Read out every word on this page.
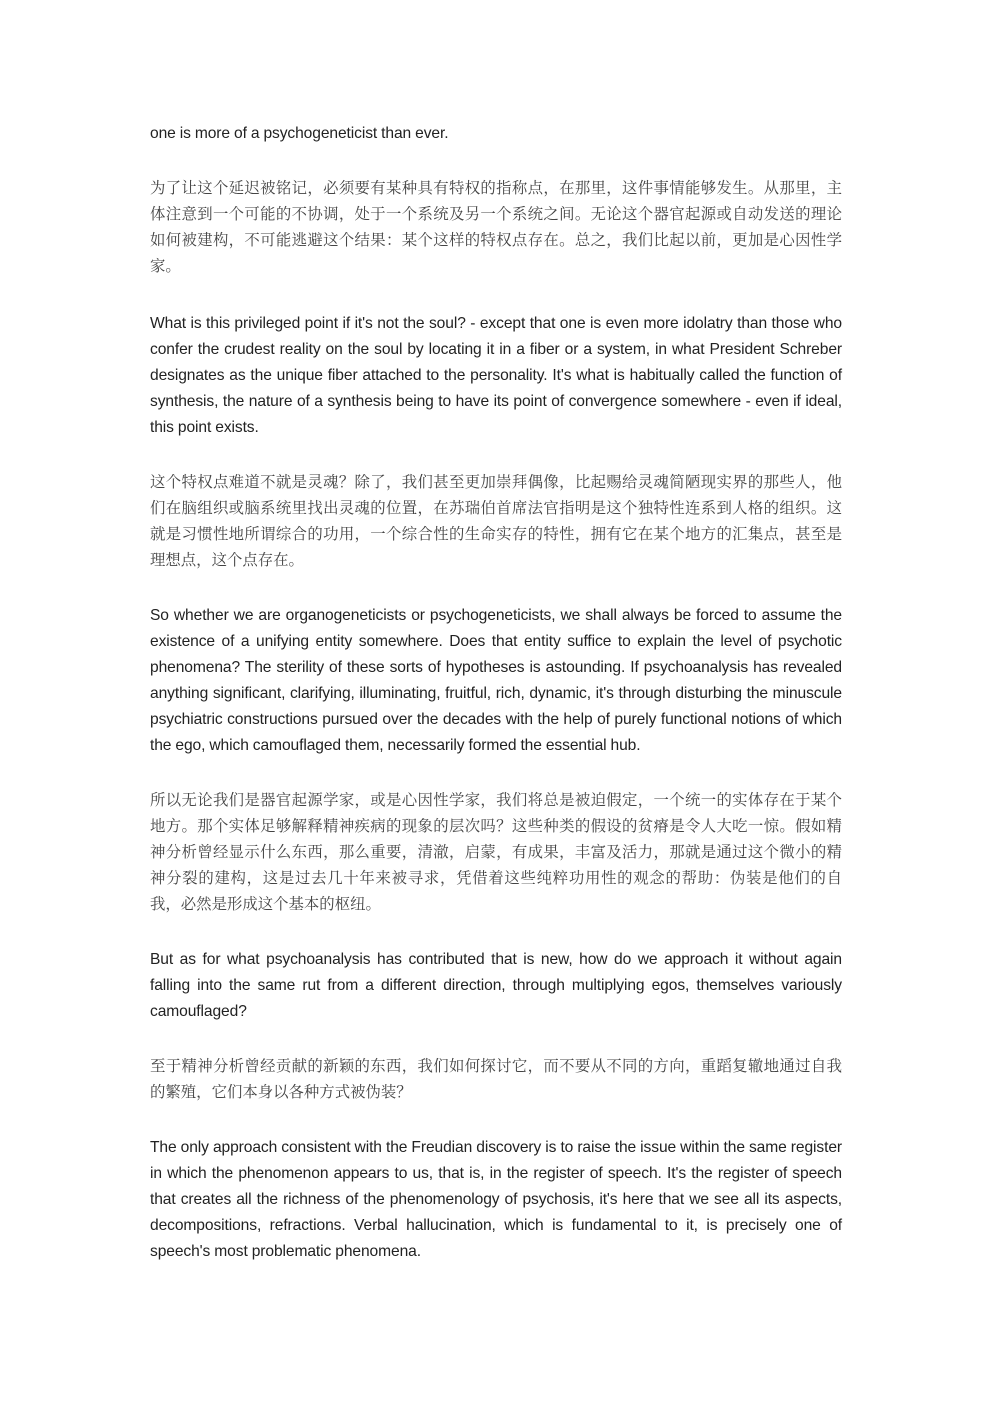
one is more of a psychogeneticist than ever.

为了让这个延迟被铭记，必须要有某种具有特权的指称点，在那里，这件事情能够发生。从那里，主体注意到一个可能的不协调，处于一个系统及另一个系统之间。无论这个器官起源或自动发送的理论如何被建构，不可能逃避这个结果：某个这样的特权点存在。总之，我们比起以前，更加是心因性学家。

What is this privileged point if it's not the soul? - except that one is even more idolatry than those who confer the crudest reality on the soul by locating it in a fiber or a system, in what President Schreber designates as the unique fiber attached to the personality. It's what is habitually called the function of synthesis, the nature of a synthesis being to have its point of convergence somewhere - even if ideal, this point exists.

这个特权点难道不就是灵魂？除了，我们甚至更加崇拜偶像，比起赐给灵魂简陋现实界的那些人，他们在脑组织或脑系统里找出灵魂的位置，在苏瑞伯首席法官指明是这个独特性连系到人格的组织。这就是习惯性地所谓综合的功用，一个综合性的生命实存的特性，拥有它在某个地方的汇集点，甚至是理想点，这个点存在。

So whether we are organogeneticists or psychogeneticists, we shall always be forced to assume the existence of a unifying entity somewhere. Does that entity suffice to explain the level of psychotic phenomena? The sterility of these sorts of hypotheses is astounding. If psychoanalysis has revealed anything significant, clarifying, illuminating, fruitful, rich, dynamic, it's through disturbing the minuscule psychiatric constructions pursued over the decades with the help of purely functional notions of which the ego, which camouflaged them, necessarily formed the essential hub.

所以无论我们是器官起源学家，或是心因性学家，我们将总是被迫假定，一个统一的实体存在于某个地方。那个实体足够解释精神疾病的现象的层次吗？这些种类的假设的贫瘠是令人大吃一惊。假如精神分析曾经显示什么东西，那么重要，清澈，启蒙，有成果，丰富及活力，那就是通过这个微小的精神分裂的建构，这是过去几十年来被寻求，凭借着这些纯粹功用性的观念的帮助：伪装是他们的自我，必然是形成这个基本的枢纽。

But as for what psychoanalysis has contributed that is new, how do we approach it without again falling into the same rut from a different direction, through multiplying egos, themselves variously camouflaged?

至于精神分析曾经贡献的新颖的东西，我们如何探讨它，而不要从不同的方向，重蹈复辙地通过自我的繁殖，它们本身以各种方式被伪装？

The only approach consistent with the Freudian discovery is to raise the issue within the same register in which the phenomenon appears to us, that is, in the register of speech. It's the register of speech that creates all the richness of the phenomenology of psychosis, it's here that we see all its aspects, decompositions, refractions. Verbal hallucination, which is fundamental to it, is precisely one of speech's most problematic phenomena.
